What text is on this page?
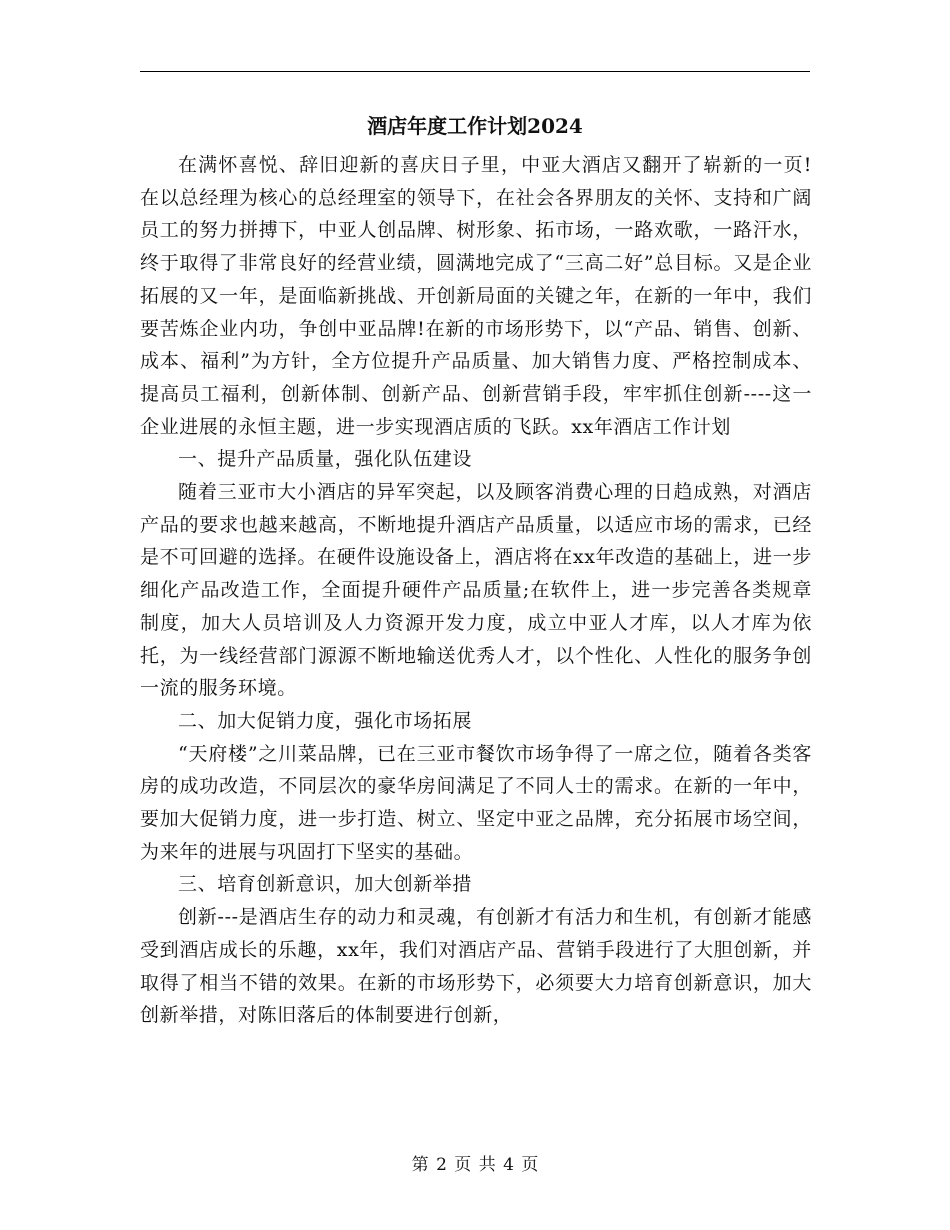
酒店年度工作计划2024

在满怀喜悦、辞旧迎新的喜庆日子里，中亚大酒店又翻开了崭新的一页!在以总经理为核心的总经理室的领导下，在社会各界朋友的关怀、支持和广阔员工的努力拼搏下，中亚人创品牌、树形象、拓市场，一路欢歌，一路汗水，终于取得了非常良好的经营业绩，圆满地完成了“三高二好”总目标。又是企业拓展的又一年，是面临新挑战、开创新局面的关键之年，在新的一年中，我们要苦炼企业内功，争创中亚品牌!在新的市场形势下，以“产品、销售、创新、成本、福利”为方针，全方位提升产品质量、加大销售力度、严格控制成本、提高员工福利，创新体制、创新产品、创新营销手段，牢牢抓住创新----这一企业进展的永恒主题，进一步实现酒店质的飞跃。xx年酒店工作计划

一、提升产品质量，强化队伍建设

随着三亚市大小酒店的异军突起，以及顾客消费心理的日趋成熟，对酒店产品的要求也越来越高，不断地提升酒店产品质量，以适应市场的需求，已经是不可回避的选择。在硬件设施设备上，酒店将在xx年改造的基础上，进一步细化产品改造工作，全面提升硬件产品质量;在软件上，进一步完善各类规章制度，加大人员培训及人力资源开发力度，成立中亚人才库，以人才库为依托，为一线经营部门源源不断地输送优秀人才，以个性化、人性化的服务争创一流的服务环境。

二、加大促销力度，强化市场拓展

“天府楼”之川菜品牌，已在三亚市餐饮市场争得了一席之位，随着各类客房的成功改造，不同层次的豪华房间满足了不同人士的需求。在新的一年中，要加大促销力度，进一步打造、树立、坚定中亚之品牌，充分拓展市场空间，为来年的进展与巩固打下坚实的基础。

三、培育创新意识，加大创新举措

创新---是酒店生存的动力和灵魂，有创新才有活力和生机，有创新才能感受到酒店成长的乐趣，xx年，我们对酒店产品、营销手段进行了大胆创新，并取得了相当不错的效果。在新的市场形势下，必须要大力培育创新意识，加大创新举措，对陈旧落后的体制要进行创新，

第 2 页 共 4 页
